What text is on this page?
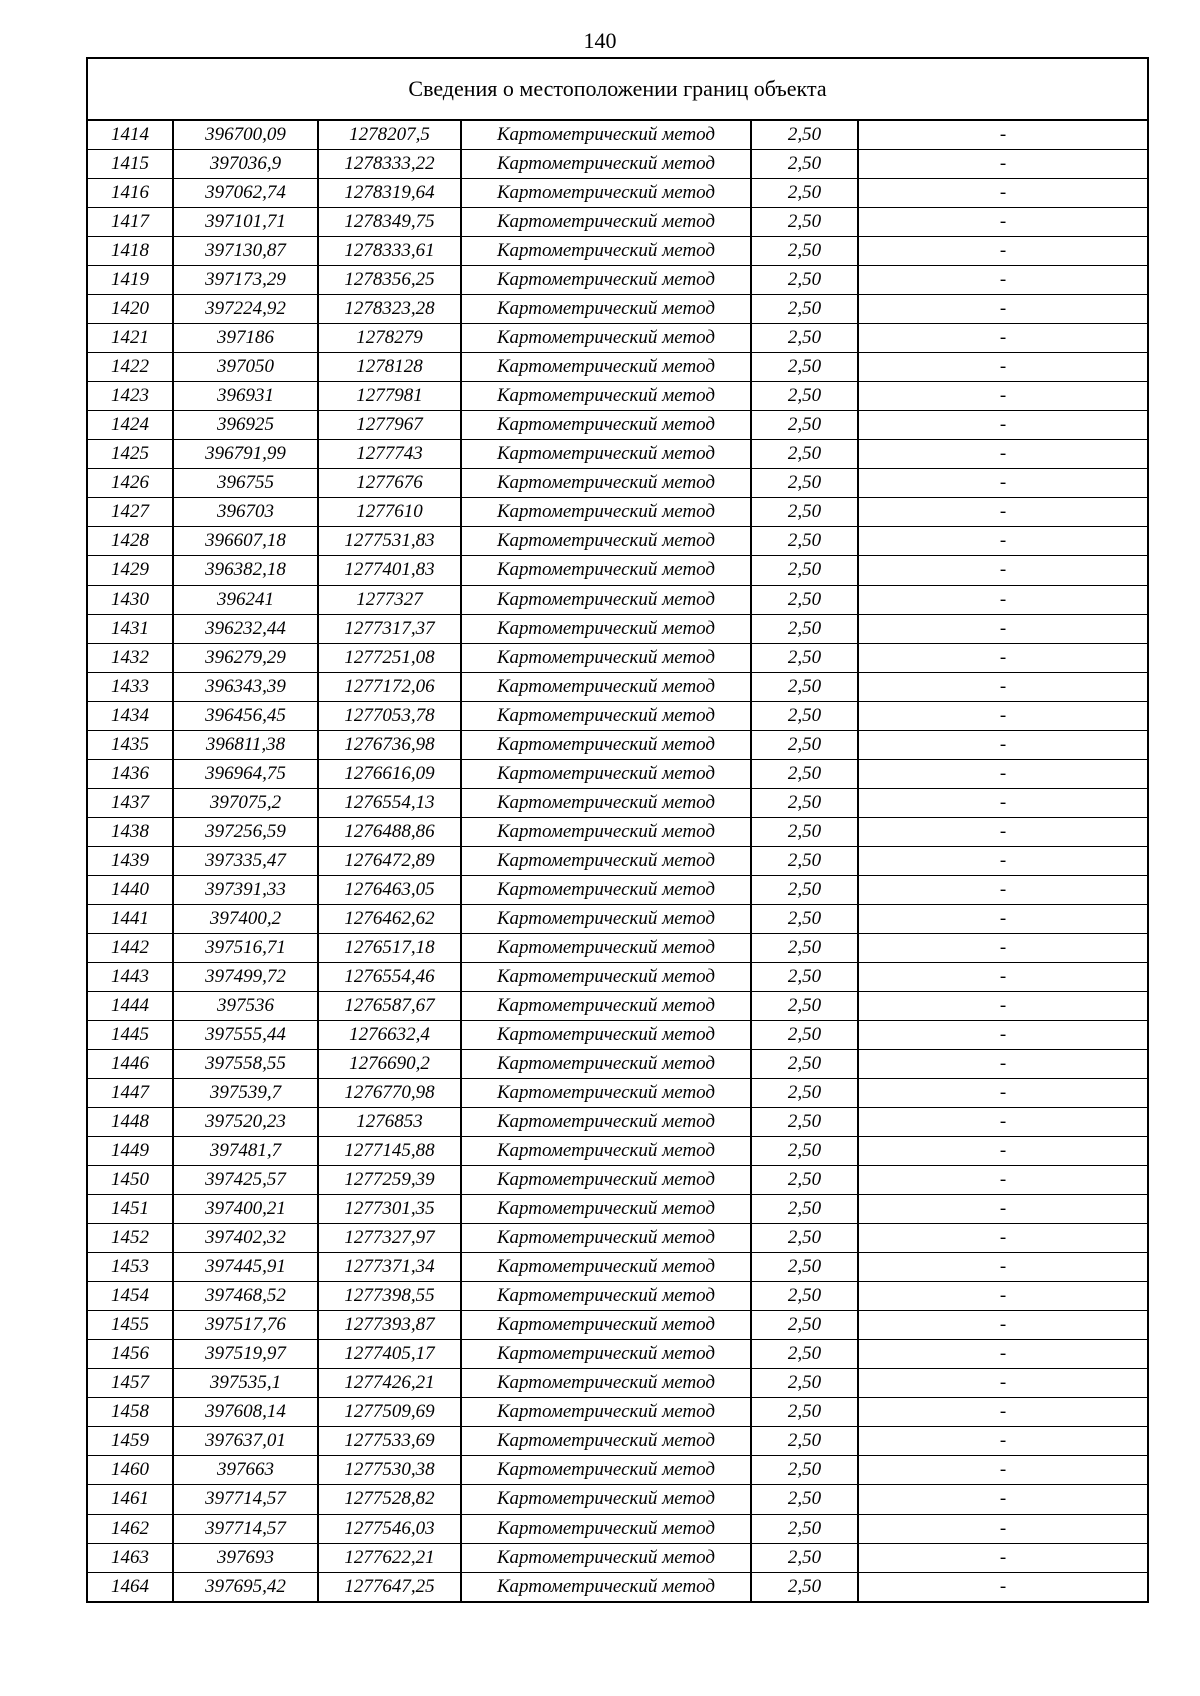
140
Сведения о местоположении границ объекта
1414	396700,09	1278207,5	Картометрический метод	2,50	-
1415	397036,9	1278333,22	Картометрический метод	2,50	-
1416	397062,74	1278319,64	Картометрический метод	2,50	-
1417	397101,71	1278349,75	Картометрический метод	2,50	-
1418	397130,87	1278333,61	Картометрический метод	2,50	-
1419	397173,29	1278356,25	Картометрический метод	2,50	-
1420	397224,92	1278323,28	Картометрический метод	2,50	-
1421	397186	1278279	Картометрический метод	2,50	-
1422	397050	1278128	Картометрический метод	2,50	-
1423	396931	1277981	Картометрический метод	2,50	-
1424	396925	1277967	Картометрический метод	2,50	-
1425	396791,99	1277743	Картометрический метод	2,50	-
1426	396755	1277676	Картометрический метод	2,50	-
1427	396703	1277610	Картометрический метод	2,50	-
1428	396607,18	1277531,83	Картометрический метод	2,50	-
1429	396382,18	1277401,83	Картометрический метод	2,50	-
1430	396241	1277327	Картометрический метод	2,50	-
1431	396232,44	1277317,37	Картометрический метод	2,50	-
1432	396279,29	1277251,08	Картометрический метод	2,50	-
1433	396343,39	1277172,06	Картометрический метод	2,50	-
1434	396456,45	1277053,78	Картометрический метод	2,50	-
1435	396811,38	1276736,98	Картометрический метод	2,50	-
1436	396964,75	1276616,09	Картометрический метод	2,50	-
1437	397075,2	1276554,13	Картометрический метод	2,50	-
1438	397256,59	1276488,86	Картометрический метод	2,50	-
1439	397335,47	1276472,89	Картометрический метод	2,50	-
1440	397391,33	1276463,05	Картометрический метод	2,50	-
1441	397400,2	1276462,62	Картометрический метод	2,50	-
1442	397516,71	1276517,18	Картометрический метод	2,50	-
1443	397499,72	1276554,46	Картометрический метод	2,50	-
1444	397536	1276587,67	Картометрический метод	2,50	-
1445	397555,44	1276632,4	Картометрический метод	2,50	-
1446	397558,55	1276690,2	Картометрический метод	2,50	-
1447	397539,7	1276770,98	Картометрический метод	2,50	-
1448	397520,23	1276853	Картометрический метод	2,50	-
1449	397481,7	1277145,88	Картометрический метод	2,50	-
1450	397425,57	1277259,39	Картометрический метод	2,50	-
1451	397400,21	1277301,35	Картометрический метод	2,50	-
1452	397402,32	1277327,97	Картометрический метод	2,50	-
1453	397445,91	1277371,34	Картометрический метод	2,50	-
1454	397468,52	1277398,55	Картометрический метод	2,50	-
1455	397517,76	1277393,87	Картометрический метод	2,50	-
1456	397519,97	1277405,17	Картометрический метод	2,50	-
1457	397535,1	1277426,21	Картометрический метод	2,50	-
1458	397608,14	1277509,69	Картометрический метод	2,50	-
1459	397637,01	1277533,69	Картометрический метод	2,50	-
1460	397663	1277530,38	Картометрический метод	2,50	-
1461	397714,57	1277528,82	Картометрический метод	2,50	-
1462	397714,57	1277546,03	Картометрический метод	2,50	-
1463	397693	1277622,21	Картометрический метод	2,50	-
1464	397695,42	1277647,25	Картометрический метод	2,50	-
